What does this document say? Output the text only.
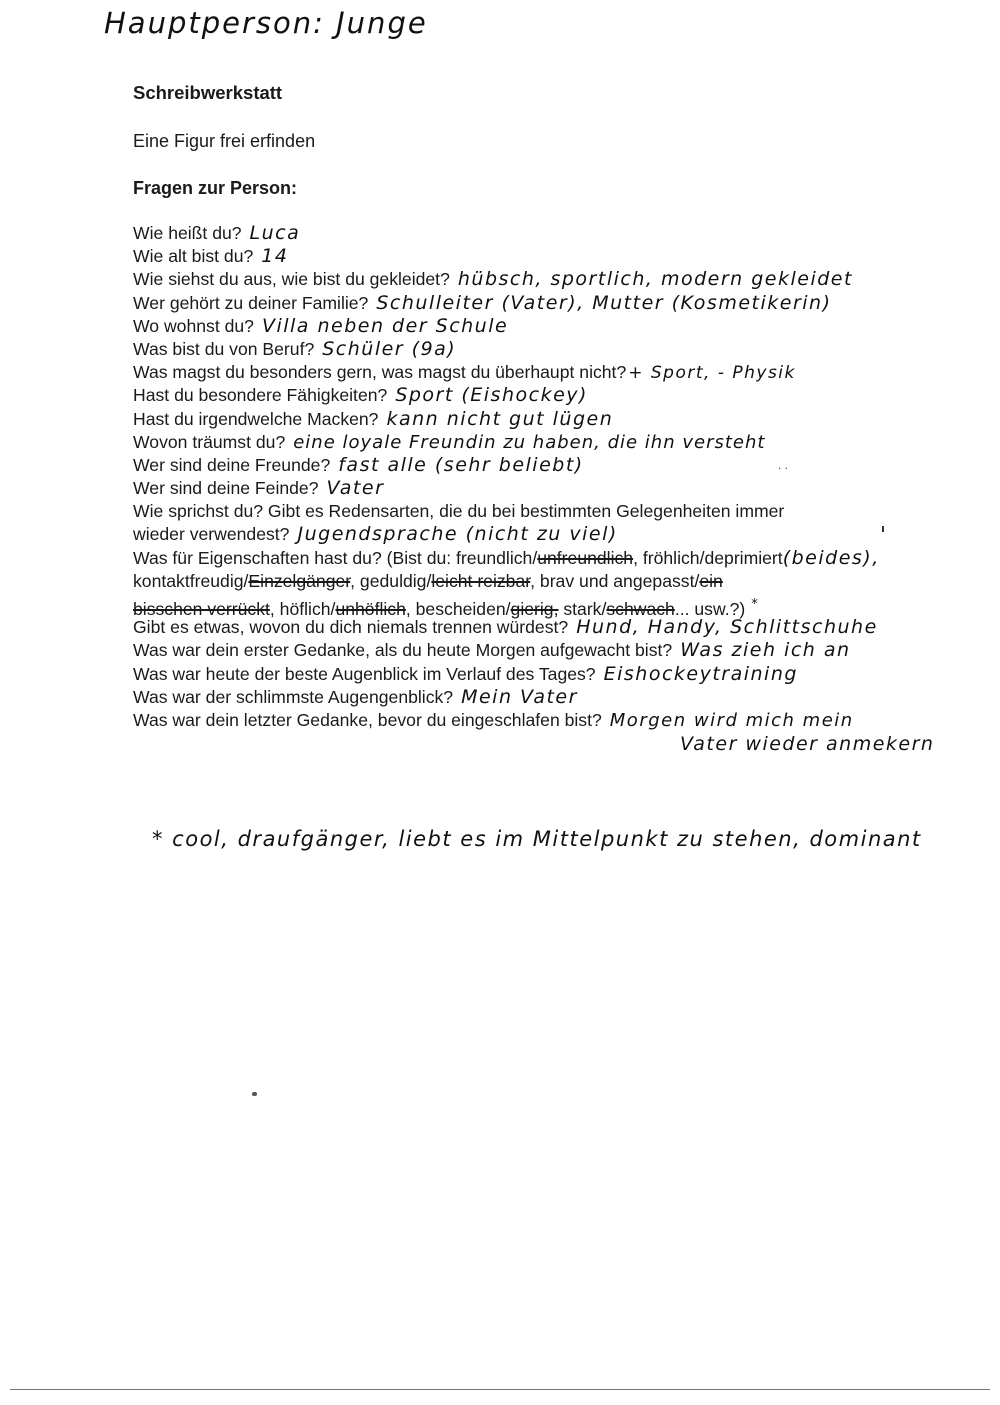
Hauptperson: Junge
Schreibwerkstatt
Eine Figur frei erfinden
Fragen zur Person:
Wie heißt du? Luca
Wie alt bist du? 14
Wie siehst du aus, wie bist du gekleidet? hübsch, sportlich, modern gekleidet
Wer gehört zu deiner Familie? Schulleiter (Vater), Mutter (Kosmetikerin)
Wo wohnst du? Villa neben der Schule
Was bist du von Beruf? Schüler (9a)
Was magst du besonders gern, was magst du überhaupt nicht? + Sport, - Physik
Hast du besondere Fähigkeiten? Sport (Eishockey)
Hast du irgendwelche Macken? kann nicht gut lügen
Wovon träumst du? eine loyale Freundin zu haben, die ihn versteht
Wer sind deine Freunde? fast alle (sehr beliebt)
Wer sind deine Feinde? Vater
Wie sprichst du? Gibt es Redensarten, die du bei bestimmten Gelegenheiten immer
wieder verwendest? Jugendsprache (nicht zu viel)
Was für Eigenschaften hast du? (Bist du: freundlich/unfreundlich, fröhlich/deprimiert(beides),
kontaktfreudig/Einzelgänger, geduldig/leicht reizbar, brav und angepasst/ein
bisschen verrückt, höflich/unhöflich, bescheiden/gierig, stark/schwach... usw.?) *
Gibt es etwas, wovon du dich niemals trennen würdest? Hund, Handy, Schlittschuhe
Was war dein erster Gedanke, als du heute Morgen aufgewacht bist? Was zieh ich an
Was war heute der beste Augenblick im Verlauf des Tages? Eishockeytraining
Was war der schlimmste Augengenblick? Mein Vater
Was war dein letzter Gedanke, bevor du eingeschlafen bist? Morgen wird mich mein
Vater wieder anmekern
* cool, draufgänger, liebt es im Mittelpunkt zu stehen, dominant
. .
